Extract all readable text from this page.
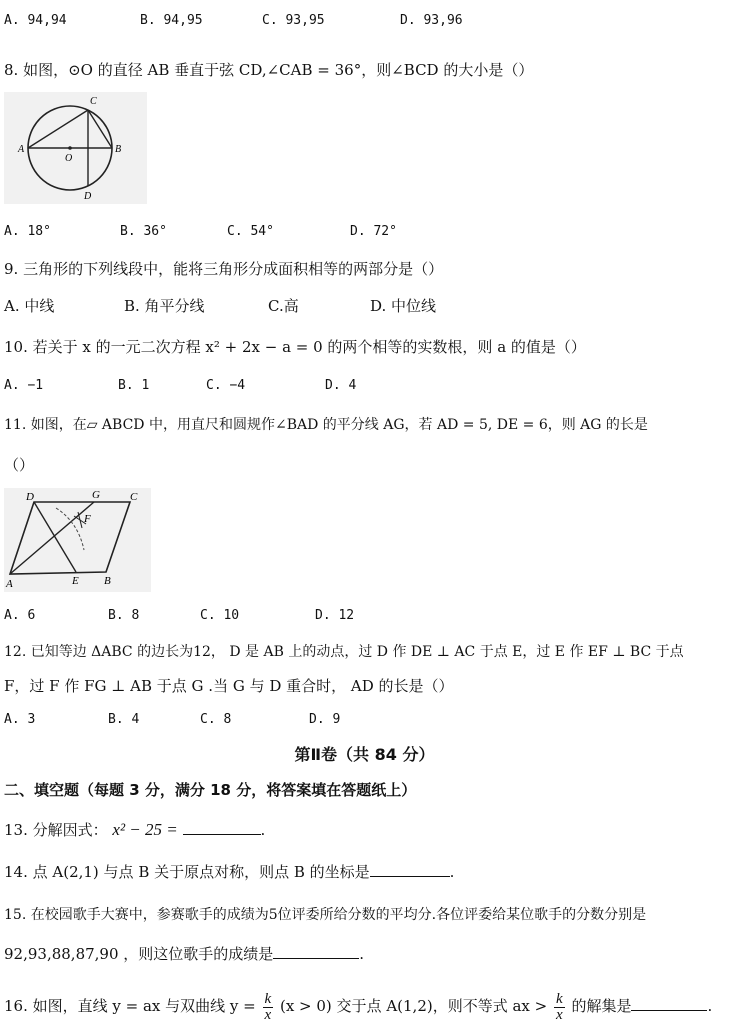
A. 94,94	B. 94,95	C. 93,95	D. 93,96
8. 如图，⊙O 的直径 AB 垂直于弦 CD,∠CAB = 36°，则∠BCD 的大小是（）
C
A
O
B
D
A. 18°	B. 36°	C. 54°	D. 72°
9. 三角形的下列线段中，能将三角形分成面积相等的两部分是（）
A. 中线	B. 角平分线	C.高	D. 中位线
10. 若关于 x 的一元二次方程 x² + 2x − a = 0 的两个相等的实数根，则 a 的值是（）
A. −1	B. 1	C. −4	D. 4
11. 如图，在▱ ABCD 中，用直尺和圆规作∠BAD 的平分线 AG，若 AD = 5, DE = 6，则 AG 的长是
（）
D	G	C
F
A	E B
A. 6	B. 8	C. 10	D. 12
12. 已知等边 ΔABC 的边长为12， D 是 AB 上的动点，过 D 作 DE ⊥ AC 于点 E，过 E 作 EF ⊥ BC 于点
F，过 F 作 FG ⊥ AB 于点 G .当 G 与 D 重合时， AD 的长是（）
A. 3	B. 4	C. 8	D. 9
第Ⅱ卷（共 84 分）
二、填空题（每题 3 分，满分 18 分，将答案填在答题纸上）
13. 分解因式： x² − 25 =	.
14. 点 A(2,1) 与点 B 关于原点对称，则点 B 的坐标是	.
15. 在校园歌手大赛中，参赛歌手的成绩为5位评委所给分数的平均分.各位评委给某位歌手的分数分别是
92,93,88,87,90 ，则这位歌手的成绩是	.
16. 如图，直线 y = ax 与双曲线 $y = \frac{k}{x} (x > 0)$ 交于点 A(1,2)，则不等式 ax > $\frac{k}{x}$ 的解集是	.
